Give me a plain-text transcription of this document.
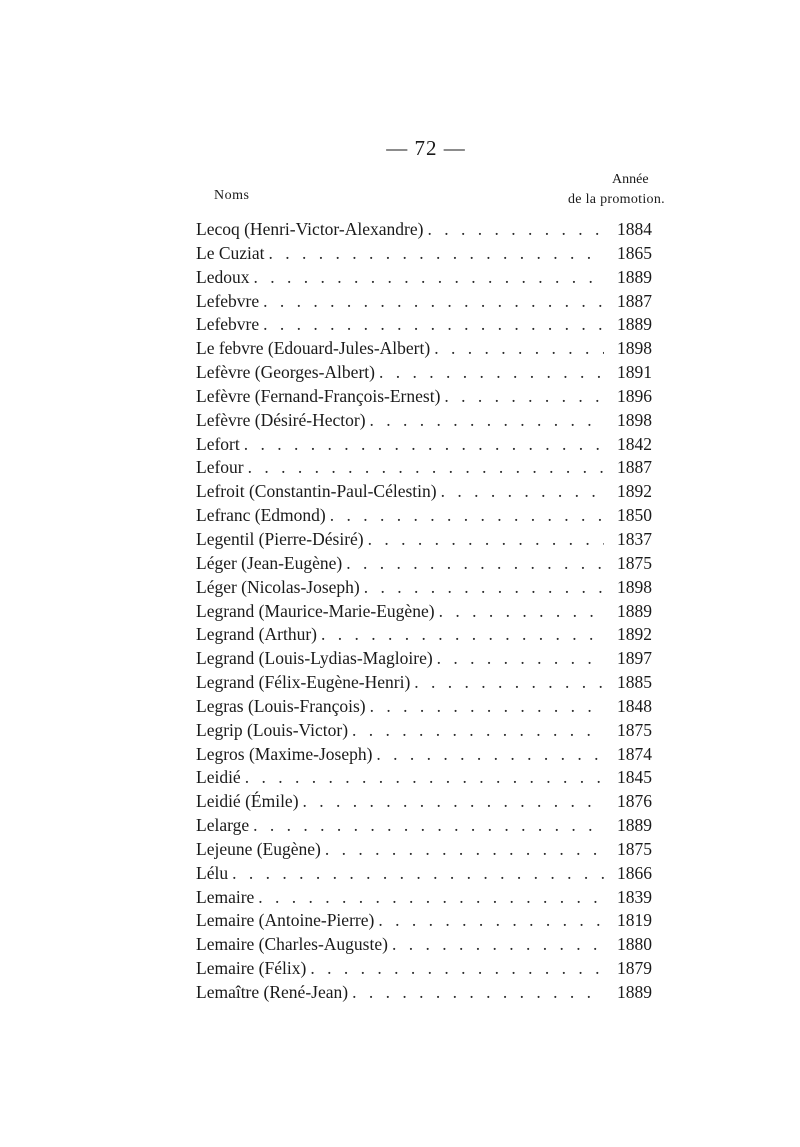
— 72 —
Noms
Année
de la promotion.
Lecoq (Henri-Victor-Alexandre) . . .	1884
Le Cuziat . . .	1865
Ledoux . . .	1889
Lefebvre . . .	1887
Lefebvre . . .	1889
Le febvre (Edouard-Jules-Albert) . . .	1898
Lefèvre (Georges-Albert) . . .	1891
Lefèvre (Fernand-François-Ernest) . . .	1896
Lefèvre (Désiré-Hector) . . .	1898
Lefort . . .	1842
Lefour . . .	1887
Lefroit (Constantin-Paul-Célestin) . . .	1892
Lefranc (Edmond) . . .	1850
Legentil (Pierre-Désiré) . . .	1837
Léger (Jean-Eugène) . . .	1875
Léger (Nicolas-Joseph) . . .	1898
Legrand (Maurice-Marie-Eugène) . . .	1889
Legrand (Arthur) . . .	1892
Legrand (Louis-Lydias-Magloire) . . .	1897
Legrand (Félix-Eugène-Henri) . . .	1885
Legras (Louis-François) . . .	1848
Legrip (Louis-Victor) . . .	1875
Legros (Maxime-Joseph) . . .	1874
Leidié . . .	1845
Leidié (Émile) . . .	1876
Lelarge . . .	1889
Lejeune (Eugène) . . .	1875
Lélu . . .	1866
Lemaire . . .	1839
Lemaire (Antoine-Pierre) . . .	1819
Lemaire (Charles-Auguste) . . .	1880
Lemaire (Félix) . . .	1879
Lemaître (René-Jean) . . .	1889
